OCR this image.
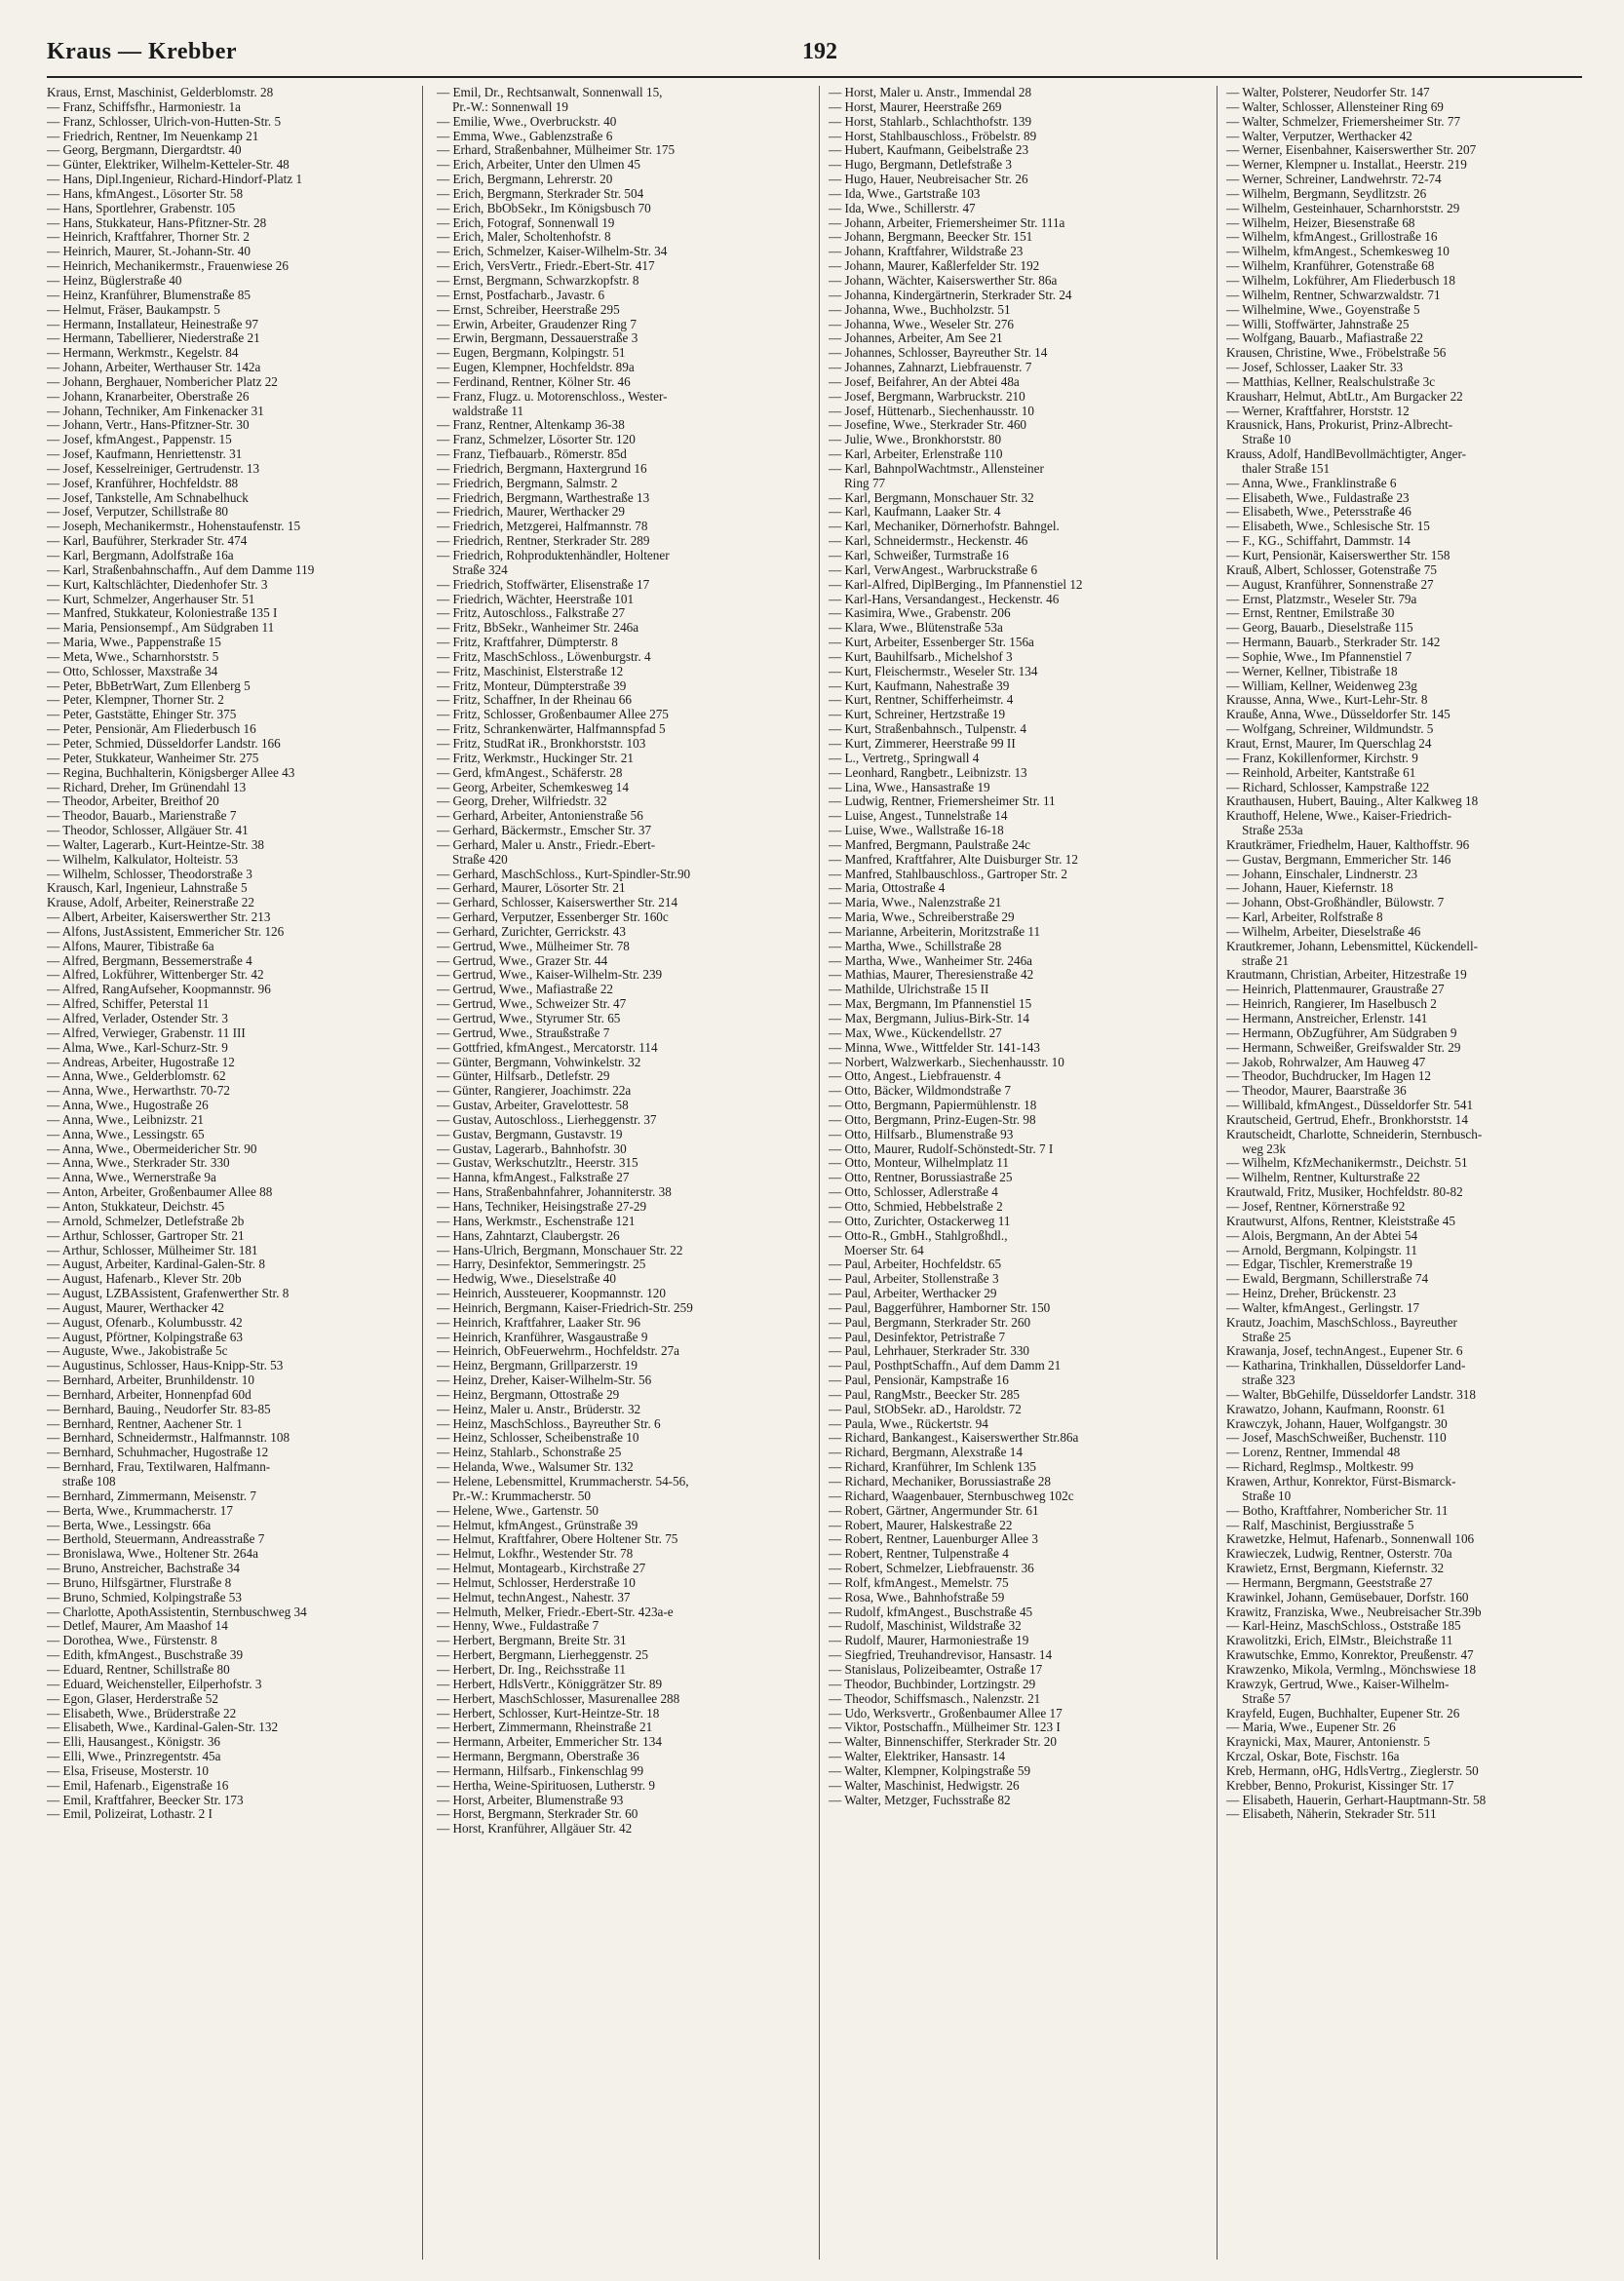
Kraus — Krebber	192
Kraus, Ernst, Maschinist, Gelderblomstr. 28
— Franz, Schiffsfhr., Harmoniestr. 1a
— Franz, Schlosser, Ulrich-von-Hutten-Str. 5
— Friedrich, Rentner, Im Neuenkamp 21
— Georg, Bergmann, Diergardtstr. 40
— Günter, Elektriker, Wilhelm-Ketteler-Str. 48
— Hans, Dipl.Ingenieur, Richard-Hindorf-Platz 1
— Hans, kfmAngest., Lösorter Str. 58
— Hans, Sportlehrer, Grabenstr. 105
— Hans, Stukkateur, Hans-Pfitzner-Str. 28
— Heinrich, Kraftfahrer, Thorner Str. 2
— Heinrich, Maurer, St.-Johann-Str. 40
— Heinrich, Mechanikermstr., Frauenwiese 26
— Heinz, Büglerstraße 40
— Heinz, Kranführer, Blumenstraße 85
— Helmut, Fräser, Baukampstr. 5
— Hermann, Installateur, Heinestraße 97
— Hermann, Tabellierer, Niederstraße 21
— Hermann, Werkmstr., Kegelstr. 84
— Johann, Arbeiter, Werthauser Str. 142a
— Johann, Berghauer, Nombericher Platz 22
— Johann, Kranarbeiter, Oberstraße 26
— Johann, Techniker, Am Finkenacker 31
— Johann, Vertr., Hans-Pfitzner-Str. 30
— Josef, kfmAngest., Pappenstr. 15
— Josef, Kaufmann, Henriettenstr. 31
— Josef, Kesselreiniger, Gertrudenstr. 13
— Josef, Kranführer, Hochfeldstr. 88
— Josef, Tankstelle, Am Schnabelhuck
— Josef, Verputzer, Schillstraße 80
— Joseph, Mechanikermstr., Hohenstaufenstr. 15
— Karl, Bauführer, Sterkrader Str. 474
— Karl, Bergmann, Adolfstraße 16a
— Karl, Straßenbahnschaffn., Auf dem Damme 119
— Kurt, Kaltschlächter, Diedenhofer Str. 3
— Kurt, Schmelzer, Angerhauser Str. 51
— Manfred, Stukkateur, Koloniestraße 135 I
— Maria, Pensionsempf., Am Südgraben 11
— Maria, Wwe., Pappenstraße 15
— Meta, Wwe., Scharnhorststr. 5
— Otto, Schlosser, Maxstraße 34
— Peter, BbBetrWart, Zum Ellenberg 5
— Peter, Klempner, Thorner Str. 2
— Peter, Gaststätte, Ehinger Str. 375
— Peter, Pensionär, Am Fliederbusch 16
— Peter, Schmied, Düsseldorfer Landstr. 166
— Peter, Stukkateur, Wanheimer Str. 275
— Regina, Buchhalterin, Königsberger Allee 43
— Richard, Dreher, Im Grünendahl 13
— Theodor, Arbeiter, Breithof 20
— Theodor, Bauarb., Marienstraße 7
— Theodor, Schlosser, Allgäuer Str. 41
— Walter, Lagerarb., Kurt-Heintze-Str. 38
— Wilhelm, Kalkulator, Holteistr. 53
— Wilhelm, Schlosser, Theodorstraße 3
Krausch, Karl, Ingenieur, Lahnstraße 5
Krause, Adolf, Arbeiter, Reinerstraße 22
— Albert, Arbeiter, Kaiserswerther Str. 213
— Alfons, JustAssistent, Emmericher Str. 126
— Alfons, Maurer, Tibistraße 6a
— Alfred, Bergmann, Bessemerstraße 4
— Alfred, Lokführer, Wittenberger Str. 42
— Alfred, RangAufseher, Koopmannstr. 96
— Alfred, Schiffer, Peterstal 11
— Alfred, Verlader, Ostender Str. 3
— Alfred, Verwieger, Grabenstr. 11 III
— Alma, Wwe., Karl-Schurz-Str. 9
— Andreas, Arbeiter, Hugostraße 12
— Anna, Wwe., Gelderblomstr. 62
— Anna, Wwe., Herwarthstr. 70-72
— Anna, Wwe., Hugostraße 26
— Anna, Wwe., Leibnizstr. 21
— Anna, Wwe., Lessingstr. 65
— Anna, Wwe., Obermeidericher Str. 90
— Anna, Wwe., Sterkrader Str. 330
— Anna, Wwe., Wernerstraße 9a
— Anton, Arbeiter, Großenbaumer Allee 88
— Anton, Stukkateur, Deichstr. 45
— Arnold, Schmelzer, Detlefstraße 2b
— Arthur, Schlosser, Gartroper Str. 21
— Arthur, Schlosser, Mülheimer Str. 181
— August, Arbeiter, Kardinal-Galen-Str. 8
— August, Hafenarb., Klever Str. 20b
— August, LZBAssistent, Grafenwerther Str. 8
— August, Maurer, Werthacker 42
— August, Ofenarb., Kolumbusstr. 42
— August, Pförtner, Kolpingstraße 63
— Auguste, Wwe., Jakobistraße 5c
— Augustinus, Schlosser, Haus-Knipp-Str. 53
— Bernhard, Arbeiter, Brunhildenstr. 10
— Bernhard, Arbeiter, Honnenpfad 60d
— Bernhard, Bauing., Neudorfer Str. 83-85
— Bernhard, Rentner, Aachener Str. 1
— Bernhard, Schneidermstr., Halfmannstr. 108
— Bernhard, Schuhmacher, Hugostraße 12
— Bernhard, Frau, Textilwaren, Halfmann-
straße 108
— Bernhard, Zimmermann, Meisenstr. 7
— Berta, Wwe., Krummacherstr. 17
— Berta, Wwe., Lessingstr. 66a
— Berthold, Steuermann, Andreasstraße 7
— Bronislawa, Wwe., Holtener Str. 264a
— Bruno, Anstreicher, Bachstraße 34
— Bruno, Hilfsgärtner, Flurstraße 8
— Bruno, Schmied, Kolpingstraße 53
— Charlotte, ApothAssistentin, Sternbuschweg 34
— Detlef, Maurer, Am Maashof 14
— Dorothea, Wwe., Fürstenstr. 8
— Edith, kfmAngest., Buschstraße 39
— Eduard, Rentner, Schillstraße 80
— Eduard, Weichensteller, Eilperhofstr. 3
— Egon, Glaser, Herderstraße 52
— Elisabeth, Wwe., Brüderstraße 22
— Elisabeth, Wwe., Kardinal-Galen-Str. 132
— Elli, Hausangest., Königstr. 36
— Elli, Wwe., Prinzregentstr. 45a
— Elsa, Friseuse, Mosterstr. 10
— Emil, Hafenarb., Eigenstraße 16
— Emil, Kraftfahrer, Beecker Str. 173
— Emil, Polizeirat, Lothastr. 2 I
— Emil, Dr., Rechtsanwalt, Sonnenwall 15,
Pr.-W.: Sonnenwall 19
— Emilie, Wwe., Overbruckstr. 40
— Emma, Wwe., Gablenzstraße 6
— Erhard, Straßenbahner, Mülheimer Str. 175
— Erich, Arbeiter, Unter den Ulmen 45
— Erich, Bergmann, Lehrerstr. 20
— Erich, Bergmann, Sterkrader Str. 504
— Erich, BbObSekr., Im Königsbusch 70
— Erich, Fotograf, Sonnenwall 19
— Erich, Maler, Scholtenhofstr. 8
— Erich, Schmelzer, Kaiser-Wilhelm-Str. 34
— Erich, VersVertr., Friedr.-Ebert-Str. 417
— Ernst, Bergmann, Schwarzkopfstr. 8
— Ernst, Postfacharb., Javastr. 6
— Ernst, Schreiber, Heerstraße 295
— Erwin, Arbeiter, Graudenzer Ring 7
— Erwin, Bergmann, Dessauerstraße 3
— Eugen, Bergmann, Kolpingstr. 51
— Eugen, Klempner, Hochfeldstr. 89a
— Ferdinand, Rentner, Kölner Str. 46
— Franz, Flugz. u. Motorenschloss., Wester-
waldstraße 11
— Franz, Rentner, Altenkamp 36-38
— Franz, Schmelzer, Lösorter Str. 120
— Franz, Tiefbauarb., Römerstr. 85d
— Friedrich, Bergmann, Haxtergrund 16
— Friedrich, Bergmann, Salmstr. 2
— Friedrich, Bergmann, Warthestraße 13
— Friedrich, Maurer, Werthacker 29
— Friedrich, Metzgerei, Halfmannstr. 78
— Friedrich, Rentner, Sterkrader Str. 289
— Friedrich, Rohproduktenhändler, Holtener
Straße 324
— Friedrich, Stoffwärter, Elisenstraße 17
— Friedrich, Wächter, Heerstraße 101
— Fritz, Autoschloss., Falkstraße 27
— Fritz, BbSekr., Wanheimer Str. 246a
— Fritz, Kraftfahrer, Dümpterstr. 8
— Fritz, MaschSchloss., Löwenburgstr. 4
— Fritz, Maschinist, Elsterstraße 12
— Fritz, Monteur, Dümpterstraße 39
— Fritz, Schaffner, In der Rheinau 66
— Fritz, Schlosser, Großenbaumer Allee 275
— Fritz, Schrankenwärter, Halfmannspfad 5
— Fritz, StudRat iR., Bronkhorststr. 103
— Fritz, Werkmstr., Huckinger Str. 21
— Gerd, kfmAngest., Schäferstr. 28
— Georg, Arbeiter, Schemkesweg 14
— Georg, Dreher, Wilfriedstr. 32
— Gerhard, Arbeiter, Antonienstraße 56
— Gerhard, Bäckermstr., Emscher Str. 37
— Gerhard, Maler u. Anstr., Friedr.-Ebert-
Straße 420
— Gerhard, MaschSchloss., Kurt-Spindler-Str.90
— Gerhard, Maurer, Lösorter Str. 21
— Gerhard, Schlosser, Kaiserswerther Str. 214
— Gerhard, Verputzer, Essenberger Str. 160c
— Gerhard, Zurichter, Gerrickstr. 43
— Gertrud, Wwe., Mülheimer Str. 78
— Gertrud, Wwe., Grazer Str. 44
— Gertrud, Wwe., Kaiser-Wilhelm-Str. 239
— Gertrud, Wwe., Mafiastraße 22
— Gertrud, Wwe., Schweizer Str. 47
— Gertrud, Wwe., Styrumer Str. 65
— Gertrud, Wwe., Straußstraße 7
— Gottfried, kfmAngest., Mercatorstr. 114
— Günter, Bergmann, Vohwinkelstr. 32
— Günter, Hilfsarb., Detlefstr. 29
— Günter, Rangierer, Joachimstr. 22a
— Gustav, Arbeiter, Gravelottestr. 58
— Gustav, Autoschloss., Lierheggenstr. 37
— Gustav, Bergmann, Gustavstr. 19
— Gustav, Lagerarb., Bahnhofstr. 30
— Gustav, Werkschutzltr., Heerstr. 315
— Hanna, kfmAngest., Falkstraße 27
— Hans, Straßenbahnfahrer, Johanniterstr. 38
— Hans, Techniker, Heisingstraße 27-29
— Hans, Werkmstr., Eschenstraße 121
— Hans, Zahntarzt, Claubergstr. 26
— Hans-Ulrich, Bergmann, Monschauer Str. 22
— Harry, Desinfektor, Semmeringstr. 25
— Hedwig, Wwe., Dieselstraße 40
— Heinrich, Aussteuerer, Koopmannstr. 120
— Heinrich, Bergmann, Kaiser-Friedrich-Str. 259
— Heinrich, Kraftfahrer, Laaker Str. 96
— Heinrich, Kranführer, Wasgaustraße 9
— Heinrich, ObFeuerwehrm., Hochfeldstr. 27a
— Heinz, Bergmann, Grillparzerstr. 19
— Heinz, Dreher, Kaiser-Wilhelm-Str. 56
— Heinz, Bergmann, Ottostraße 29
— Heinz, Maler u. Anstr., Brüderstr. 32
— Heinz, MaschSchloss., Bayreuther Str. 6
— Heinz, Schlosser, Scheibenstraße 10
— Heinz, Stahlarb., Schonstraße 25
— Helanda, Wwe., Walsumer Str. 132
— Helene, Lebensmittel, Krummacherstr. 54-56,
Pr.-W.: Krummacherstr. 50
— Helene, Wwe., Gartenstr. 50
— Helmut, kfmAngest., Grünstraße 39
— Helmut, Kraftfahrer, Obere Holtener Str. 75
— Helmut, Lokfhr., Westender Str. 78
— Helmut, Montagearb., Kirchstraße 27
— Helmut, Schlosser, Herderstraße 10
— Helmut, technAngest., Nahestr. 37
— Helmuth, Melker, Friedr.-Ebert-Str. 423a-e
— Henny, Wwe., Fuldastraße 7
— Herbert, Bergmann, Breite Str. 31
— Herbert, Bergmann, Lierheggenstr. 25
— Herbert, Dr. Ing., Reichsstraße 11
— Herbert, HdlsVertr., Königgrätzer Str. 89
— Herbert, MaschSchlosser, Masurenallee 288
— Herbert, Schlosser, Kurt-Heintze-Str. 18
— Herbert, Zimmermann, Rheinstraße 21
— Hermann, Arbeiter, Emmericher Str. 134
— Hermann, Bergmann, Oberstraße 36
— Hermann, Hilfsarb., Finkenschlag 99
— Hertha, Weine-Spirituosen, Lutherstr. 9
— Horst, Arbeiter, Blumenstraße 93
— Horst, Bergmann, Sterkrader Str. 60
— Horst, Kranführer, Allgäuer Str. 42
— Horst, Maler u. Anstr., Immendal 28
— Horst, Maurer, Heerstraße 269
— Horst, Stahlarb., Schlachthofstr. 139
— Horst, Stahlbauschloss., Fröbelstr. 89
— Hubert, Kaufmann, Geibelstraße 23
— Hugo, Bergmann, Detlefstraße 3
— Hugo, Hauer, Neubreisacher Str. 26
— Ida, Wwe., Gartstraße 103
— Ida, Wwe., Schillerstr. 47
— Johann, Arbeiter, Friemersheimer Str. 111a
— Johann, Bergmann, Beecker Str. 151
— Johann, Kraftfahrer, Wildstraße 23
— Johann, Maurer, Kaßlerfelder Str. 192
— Johann, Wächter, Kaiserswerther Str. 86a
— Johanna, Kindergärtnerin, Sterkrader Str. 24
— Johanna, Wwe., Buchholzstr. 51
— Johanna, Wwe., Weseler Str. 276
— Johannes, Arbeiter, Am See 21
— Johannes, Schlosser, Bayreuther Str. 14
— Johannes, Zahnarzt, Liebfrauenstr. 7
— Josef, Beifahrer, An der Abtei 48a
— Josef, Bergmann, Warbruckstr. 210
— Josef, Hüttenarb., Siechenhausstr. 10
— Josefine, Wwe., Sterkrader Str. 460
— Julie, Wwe., Bronkhorststr. 80
— Karl, Arbeiter, Erlenstraße 110
— Karl, BahnpolWachtmstr., Allensteiner
Ring 77
— Karl, Bergmann, Monschauer Str. 32
— Karl, Kaufmann, Laaker Str. 4
— Karl, Mechaniker, Dörnerhofstr. Bahngel.
— Karl, Schneidermstr., Heckenstr. 46
— Karl, Schweißer, Turmstraße 16
— Karl, VerwAngest., Warbruckstraße 6
— Karl-Alfred, DiplBerging., Im Pfannenstiel 12
— Karl-Hans, Versandangest., Heckenstr. 46
— Kasimira, Wwe., Grabenstr. 206
— Klara, Wwe., Blütenstraße 53a
— Kurt, Arbeiter, Essenberger Str. 156a
— Kurt, Bauhilfsarb., Michelshof 3
— Kurt, Fleischermstr., Weseler Str. 134
— Kurt, Kaufmann, Nahestraße 39
— Kurt, Rentner, Schifferheimstr. 4
— Kurt, Schreiner, Hertzstraße 19
— Kurt, Straßenbahnsch., Tulpenstr. 4
— Kurt, Zimmerer, Heerstraße 99 II
— L., Vertretg., Springwall 4
— Leonhard, Rangbetr., Leibnizstr. 13
— Lina, Wwe., Hansastraße 19
— Ludwig, Rentner, Friemersheimer Str. 11
— Luise, Angest., Tunnelstraße 14
— Luise, Wwe., Wallstraße 16-18
— Manfred, Bergmann, Paulstraße 24c
— Manfred, Kraftfahrer, Alte Duisburger Str. 12
— Manfred, Stahlbauschloss., Gartroper Str. 2
— Maria, Ottostraße 4
— Maria, Wwe., Nalenzstraße 21
— Maria, Wwe., Schreiberstraße 29
— Marianne, Arbeiterin, Moritzstraße 11
— Martha, Wwe., Schillstraße 28
— Martha, Wwe., Wanheimer Str. 246a
— Mathias, Maurer, Theresienstraße 42
— Mathilde, Ulrichstraße 15 II
— Max, Bergmann, Im Pfannenstiel 15
— Max, Bergmann, Julius-Birk-Str. 14
— Max, Wwe., Kückendellstr. 27
— Minna, Wwe., Wittfelder Str. 141-143
— Norbert, Walzwerkarb., Siechenhausstr. 10
— Otto, Angest., Liebfrauenstr. 4
— Otto, Bäcker, Wildmondstraße 7
— Otto, Bergmann, Papiermühlenstr. 18
— Otto, Bergmann, Prinz-Eugen-Str. 98
— Otto, Hilfsarb., Blumenstraße 93
— Otto, Maurer, Rudolf-Schönstedt-Str. 7 I
— Otto, Monteur, Wilhelmplatz 11
— Otto, Rentner, Borussiastraße 25
— Otto, Schlosser, Adlerstraße 4
— Otto, Schmied, Hebbelstraße 2
— Otto, Zurichter, Ostackerweg 11
— Otto-R., GmbH., Stahlgroßhdl.,
Moerser Str. 64
— Paul, Arbeiter, Hochfeldstr. 65
— Paul, Arbeiter, Stollenstraße 3
— Paul, Arbeiter, Werthacker 29
— Paul, Baggerführer, Hamborner Str. 150
— Paul, Bergmann, Sterkrader Str. 260
— Paul, Desinfektor, Petristraße 7
— Paul, Lehrhauer, Sterkrader Str. 330
— Paul, PosthptSchaffn., Auf dem Damm 21
— Paul, Pensionär, Kampstraße 16
— Paul, RangMstr., Beecker Str. 285
— Paul, StObSekr. aD., Haroldstr. 72
— Paula, Wwe., Rückertstr. 94
— Richard, Bankangest., Kaiserswerther Str.86a
— Richard, Bergmann, Alexstraße 14
— Richard, Kranführer, Im Schlenk 135
— Richard, Mechaniker, Borussiastraße 28
— Richard, Waagenbauer, Sternbuschweg 102c
— Robert, Gärtner, Angermunder Str. 61
— Robert, Maurer, Halskestraße 22
— Robert, Rentner, Lauenburger Allee 3
— Robert, Rentner, Tulpenstraße 4
— Robert, Schmelzer, Liebfrauenstr. 36
— Rolf, kfmAngest., Memelstr. 75
— Rosa, Wwe., Bahnhofstraße 59
— Rudolf, kfmAngest., Buschstraße 45
— Rudolf, Maschinist, Wildstraße 32
— Rudolf, Maurer, Harmoniestraße 19
— Siegfried, Treuhandrevisor, Hansastr. 14
— Stanislaus, Polizeibeamter, Ostraße 17
— Theodor, Buchbinder, Lortzingstr. 29
— Theodor, Schiffsmasch., Nalenzstr. 21
— Udo, Werksvertr., Großenbaumer Allee 17
— Viktor, Postschaffn., Mülheimer Str. 123 I
— Walter, Binnenschiffer, Sterkrader Str. 20
— Walter, Elektriker, Hansastr. 14
— Walter, Klempner, Kolpingstraße 59
— Walter, Maschinist, Hedwigstr. 26
— Walter, Metzger, Fuchsstraße 82
— Walter, Polsterer, Neudorfer Str. 147
— Walter, Schlosser, Allensteiner Ring 69
— Walter, Schmelzer, Friemersheimer Str. 77
— Walter, Verputzer, Werthacker 42
— Werner, Eisenbahner, Kaiserswerther Str. 207
— Werner, Klempner u. Installat., Heerstr. 219
— Werner, Schreiner, Landwehrstr. 72-74
— Wilhelm, Bergmann, Seydlitzstr. 26
— Wilhelm, Gesteinhauer, Scharnhorststr. 29
— Wilhelm, Heizer, Biesenstraße 68
— Wilhelm, kfmAngest., Grillostraße 16
— Wilhelm, kfmAngest., Schemkesweg 10
— Wilhelm, Kranführer, Gotenstraße 68
— Wilhelm, Lokführer, Am Fliederbusch 18
— Wilhelm, Rentner, Schwarzwaldstr. 71
— Wilhelmine, Wwe., Goyenstraße 5
— Willi, Stoffwärter, Jahnstraße 25
— Wolfgang, Bauarb., Mafiastraße 22
Krausen, Christine, Wwe., Fröbelstraße 56
— Josef, Schlosser, Laaker Str. 33
— Matthias, Kellner, Realschulstraße 3c
Krausharr, Helmut, AbtLtr., Am Burgacker 22
— Werner, Kraftfahrer, Horststr. 12
Krausnick, Hans, Prokurist, Prinz-Albrecht-
Straße 10
Krauss, Adolf, HandlBevollmächtigter, Anger-
thaler Straße 151
— Anna, Wwe., Franklinstraße 6
— Elisabeth, Wwe., Fuldastraße 23
— Elisabeth, Wwe., Petersstraße 46
— Elisabeth, Wwe., Schlesische Str. 15
— F., KG., Schiffahrt, Dammstr. 14
— Kurt, Pensionär, Kaiserswerther Str. 158
Krauß, Albert, Schlosser, Gotenstraße 75
— August, Kranführer, Sonnenstraße 27
— Ernst, Platzmstr., Weseler Str. 79a
— Ernst, Rentner, Emilstraße 30
— Georg, Bauarb., Dieselstraße 115
— Hermann, Bauarb., Sterkrader Str. 142
— Sophie, Wwe., Im Pfannenstiel 7
— Werner, Kellner, Tibistraße 18
— William, Kellner, Weidenweg 23g
Krausse, Anna, Wwe., Kurt-Lehr-Str. 8
Krauße, Anna, Wwe., Düsseldorfer Str. 145
— Wolfgang, Schreiner, Wildmundstr. 5
Kraut, Ernst, Maurer, Im Querschlag 24
— Franz, Kokillenformer, Kirchstr. 9
— Reinhold, Arbeiter, Kantstraße 61
— Richard, Schlosser, Kampstraße 122
Krauthausen, Hubert, Bauing., Alter Kalkweg 18
Krauthoff, Helene, Wwe., Kaiser-Friedrich-
Straße 253a
Krautkrämer, Friedhelm, Hauer, Kalthoffstr. 96
— Gustav, Bergmann, Emmericher Str. 146
— Johann, Einschaler, Lindnerstr. 23
— Johann, Hauer, Kiefernstr. 18
— Johann, Obst-Großhändler, Bülowstr. 7
— Karl, Arbeiter, Rolfstraße 8
— Wilhelm, Arbeiter, Dieselstraße 46
Krautkremer, Johann, Lebensmittel, Kückendell-
straße 21
Krautmann, Christian, Arbeiter, Hitzestraße 19
— Heinrich, Plattenmaurer, Graustraße 27
— Heinrich, Rangierer, Im Haselbusch 2
— Hermann, Anstreicher, Erlenstr. 141
— Hermann, ObZugführer, Am Südgraben 9
— Hermann, Schweißer, Greifswalder Str. 29
— Jakob, Rohrwalzer, Am Hauweg 47
— Theodor, Buchdrucker, Im Hagen 12
— Theodor, Maurer, Baarstraße 36
— Willibald, kfmAngest., Düsseldorfer Str. 541
Krautscheid, Gertrud, Ehefr., Bronkhorststr. 14
Krautscheidt, Charlotte, Schneiderin, Sternbusch-
weg 23k
— Wilhelm, KfzMechanikermstr., Deichstr. 51
— Wilhelm, Rentner, Kulturstraße 22
Krautwald, Fritz, Musiker, Hochfeldstr. 80-82
— Josef, Rentner, Körnerstraße 92
Krautwurst, Alfons, Rentner, Kleiststraße 45
— Alois, Bergmann, An der Abtei 54
— Arnold, Bergmann, Kolpingstr. 11
— Edgar, Tischler, Kremerstraße 19
— Ewald, Bergmann, Schillerstraße 74
— Heinz, Dreher, Brückenstr. 23
— Walter, kfmAngest., Gerlingstr. 17
Krautz, Joachim, MaschSchloss., Bayreuther
Straße 25
Krawanja, Josef, technAngest., Eupener Str. 6
— Katharina, Trinkhallen, Düsseldorfer Land-
straße 323
— Walter, BbGehilfe, Düsseldorfer Landstr. 318
Krawatzo, Johann, Kaufmann, Roonstr. 61
Krawczyk, Johann, Hauer, Wolfgangstr. 30
— Josef, MaschSchweißer, Buchenstr. 110
— Lorenz, Rentner, Immendal 48
— Richard, Reglmsp., Moltkestr. 99
Krawen, Arthur, Konrektor, Fürst-Bismarck-
Straße 10
— Botho, Kraftfahrer, Nombericher Str. 11
— Ralf, Maschinist, Bergiusstraße 5
Krawetzke, Helmut, Hafenarb., Sonnenwall 106
Krawieczek, Ludwig, Rentner, Osterstr. 70a
Krawietz, Ernst, Bergmann, Kiefernstr. 32
— Hermann, Bergmann, Geeststraße 27
Krawinkel, Johann, Gemüsebauer, Dorfstr. 160
Krawitz, Franziska, Wwe., Neubreisacher Str.39b
— Karl-Heinz, MaschSchloss., Oststraße 185
Krawolitzki, Erich, ElMstr., Bleichstraße 11
Krawutschke, Emmo, Konrektor, Preußenstr. 47
Krawzenko, Mikola, Vermlng., Mönchswiese 18
Krawzyk, Gertrud, Wwe., Kaiser-Wilhelm-
Straße 57
Krayfeld, Eugen, Buchhalter, Eupener Str. 26
— Maria, Wwe., Eupener Str. 26
Kraynicki, Max, Maurer, Antonienstr. 5
Krczal, Oskar, Bote, Fischstr. 16a
Kreb, Hermann, oHG, HdlsVertrg., Zieglerstr. 50
Krebber, Benno, Prokurist, Kissinger Str. 17
— Elisabeth, Hauerin, Gerhart-Hauptmann-Str. 58
— Elisabeth, Näherin, Stekrader Str. 511
